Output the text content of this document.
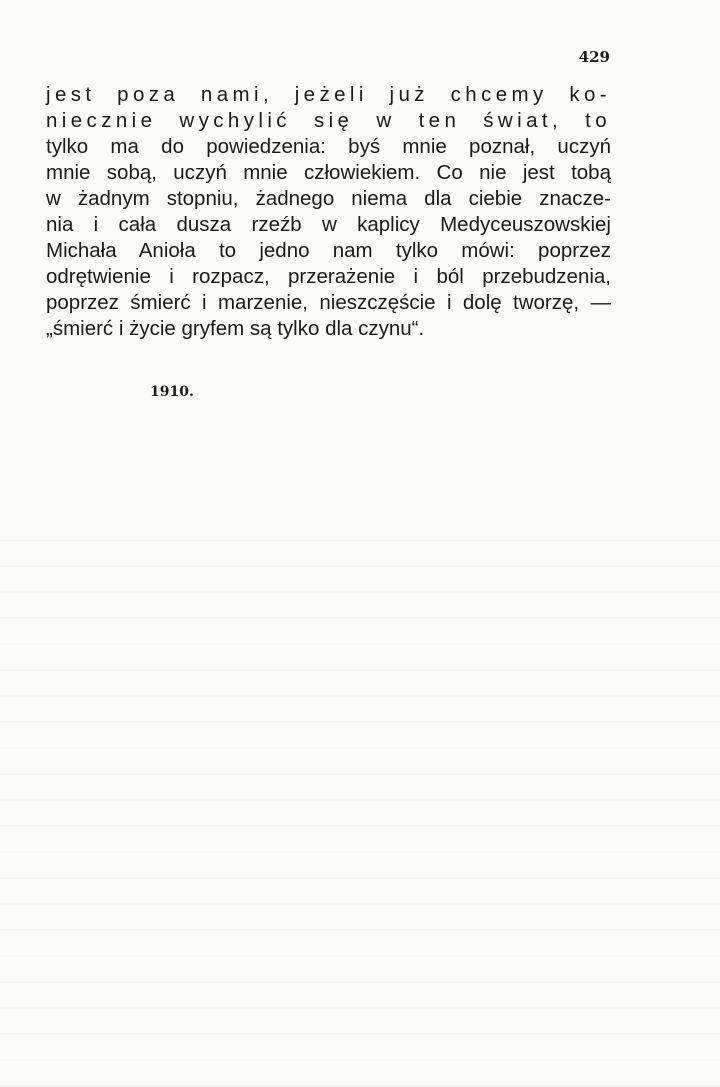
429
jest poza nami, jeżeli już chcemy ko-
niecznie wychylić się w ten świat, to
tylko ma do powiedzenia: byś mnie poznał, uczyń
mnie sobą, uczyń mnie człowiekiem. Co nie jest tobą
w żadnym stopniu, żadnego niema dla ciebie znacze-
nia i cała dusza rzeźb w kaplicy Medyceuszowskiej
Michała Anioła to jedno nam tylko mówi: poprzez
odrętwienie i rozpacz, przerażenie i ból przebudzenia,
poprzez śmierć i marzenie, nieszczęście i dolę tworzę, —
„śmierć i życie gryfem są tylko dla czynu“.
1910.
